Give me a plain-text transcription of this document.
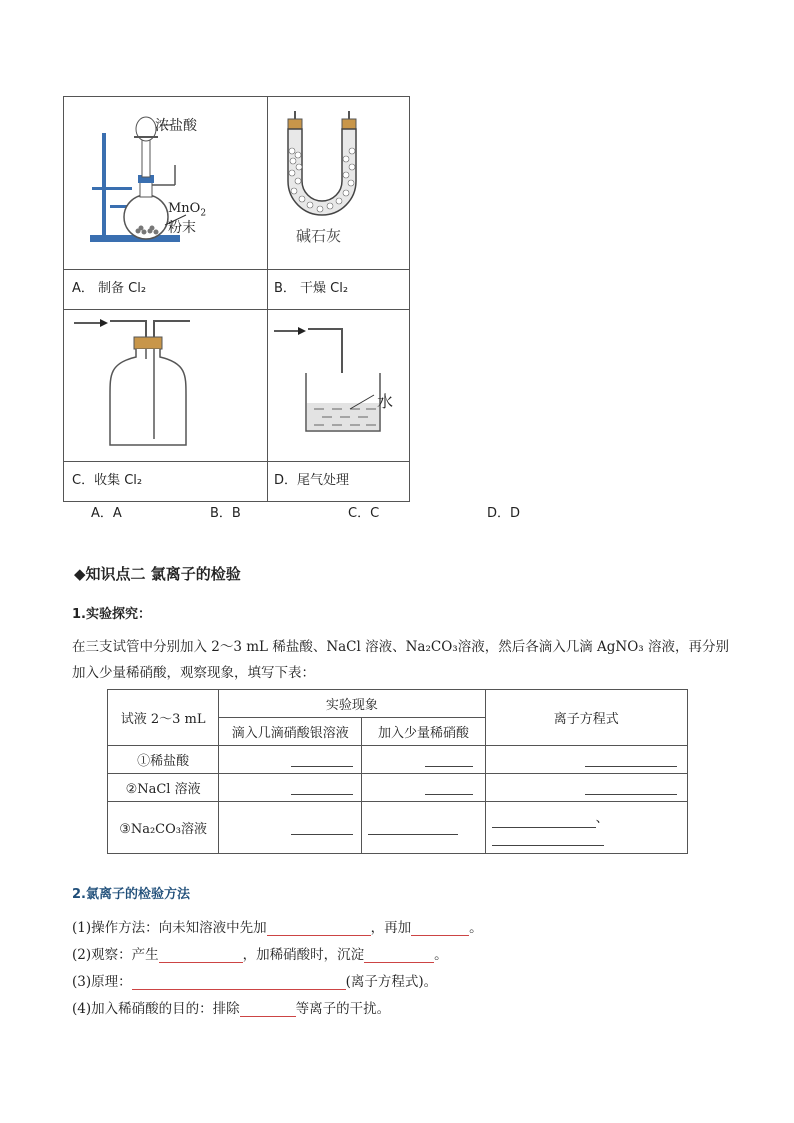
浓盐酸
MnO$_2$
粉末	碱石灰
水
A． 制备 Cl₂	B． 干燥 Cl₂
C．收集 Cl₂	D．尾气处理
A．A	B．B	C．C	D．D
◆知识点二 氯离子的检验
1.实验探究：
在三支试管中分别加入 2～3 mL 稀盐酸、NaCl 溶液、Na₂CO₃溶液，然后各滴入几滴 AgNO₃ 溶液，再分别
加入少量稀硝酸，观察现象，填写下表：
试液 2～3 mL	实验现象		离子方程式
	滴入几滴硝酸银溶液	加入少量稀硝酸	
①稀盐酸			
②NaCl 溶液			
③Na₂CO₃溶液			、

2.氯离子的检验方法
(1)操作方法：向未知溶液中先加	，再加	。
(2)观察：产生	，加稀硝酸时，沉淀	。
(3)原理：	(离子方程式)。
(4)加入稀硝酸的目的：排除	等离子的干扰。
